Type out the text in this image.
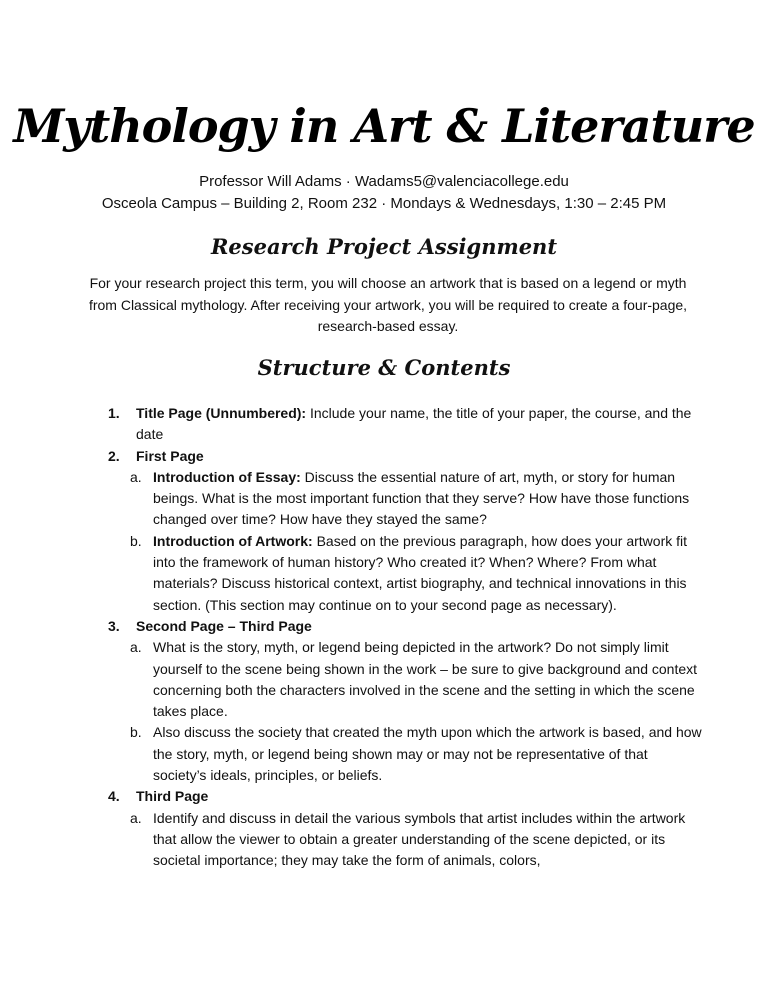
Mythology in Art & Literature
Professor Will Adams · Wadams5@valenciacollege.edu
Osceola Campus – Building 2, Room 232 · Mondays & Wednesdays, 1:30 – 2:45 PM
Research Project Assignment

For your research project this term, you will choose an artwork that is based on a legend or myth from Classical mythology. After receiving your artwork, you will be required to create a four-page, research-based essay.

Structure & Contents
1. Title Page (Unnumbered): Include your name, the title of your paper, the course, and the date
2. First Page
a. Introduction of Essay: Discuss the essential nature of art, myth, or story for human beings. What is the most important function that they serve? How have those functions changed over time? How have they stayed the same?
b. Introduction of Artwork: Based on the previous paragraph, how does your artwork fit into the framework of human history? Who created it? When? Where? From what materials? Discuss historical context, artist biography, and technical innovations in this section. (This section may continue on to your second page as necessary).
3. Second Page – Third Page
a. What is the story, myth, or legend being depicted in the artwork? Do not simply limit yourself to the scene being shown in the work – be sure to give background and context concerning both the characters involved in the scene and the setting in which the scene takes place.
b. Also discuss the society that created the myth upon which the artwork is based, and how the story, myth, or legend being shown may or may not be representative of that society’s ideals, principles, or beliefs.
4. Third Page
a. Identify and discuss in detail the various symbols that artist includes within the artwork that allow the viewer to obtain a greater understanding of the scene depicted, or its societal importance; they may take the form of animals, colors,
